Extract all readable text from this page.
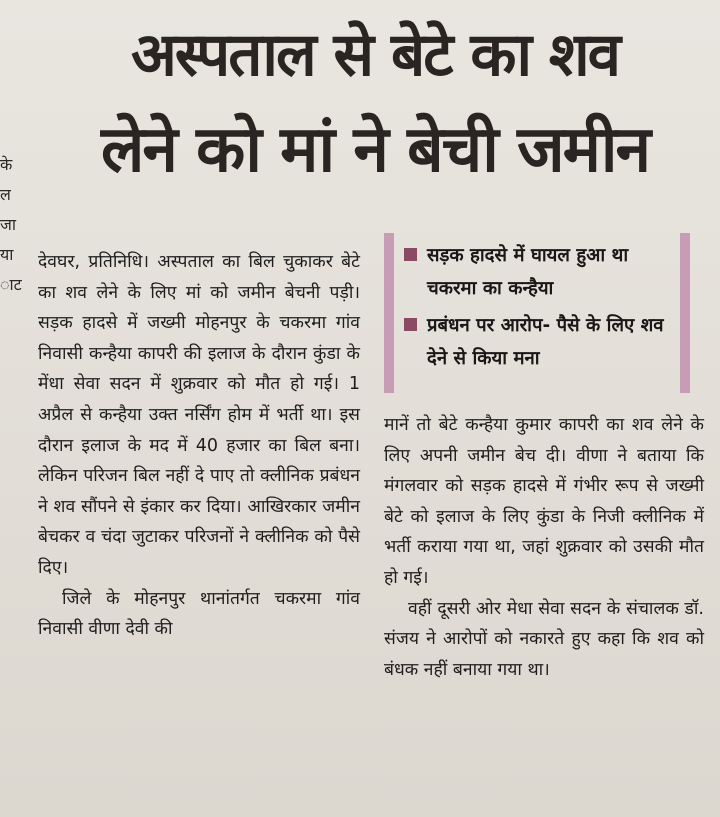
के
ल
जा
या
ाट
अस्पताल से बेटे का शव
लेने को मां ने बेची जमीन

देवघर, प्रतिनिधि। अस्पताल का बिल चुकाकर बेटे का शव लेने के लिए मां को जमीन बेचनी पड़ी। सड़क हादसे में जख्मी मोहनपुर के चकरमा गांव निवासी कन्हैया कापरी की इलाज के दौरान कुंडा के मेंधा सेवा सदन में शुक्रवार को मौत हो गई। 1 अप्रैल से कन्हैया उक्त नर्सिंग होम में भर्ती था। इस दौरान इलाज के मद में 40 हजार का बिल बना। लेकिन परिजन बिल नहीं दे पाए तो क्लीनिक प्रबंधन ने शव सौंपने से इंकार कर दिया। आखिरकार जमीन बेचकर व चंदा जुटाकर परिजनों ने क्लीनिक को पैसे दिए।

जिले के मोहनपुर थानांतर्गत चकरमा गांव निवासी वीणा देवी की

सड़क हादसे में घायल हुआ था चकरमा का कन्हैया
प्रबंधन पर आरोप- पैसे के लिए शव देने से किया मना

मानें तो बेटे कन्हैया कुमार कापरी का शव लेने के लिए अपनी जमीन बेच दी। वीणा ने बताया कि मंगलवार को सड़क हादसे में गंभीर रूप से जख्मी बेटे को इलाज के लिए कुंडा के निजी क्लीनिक में भर्ती कराया गया था, जहां शुक्रवार को उसकी मौत हो गई।

वहीं दूसरी ओर मेधा सेवा सदन के संचालक डॉ. संजय ने आरोपों को नकारते हुए कहा कि शव को बंधक नहीं बनाया गया था।
